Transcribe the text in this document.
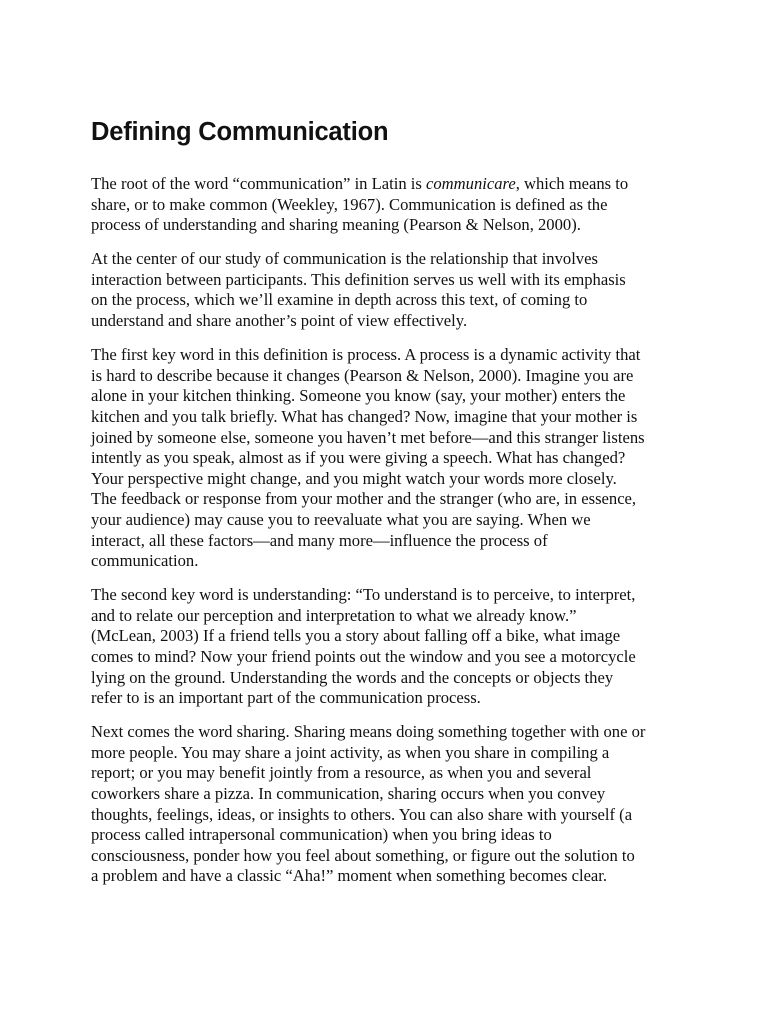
Defining Communication

The root of the word “communication” in Latin is communicare, which means to
share, or to make common (Weekley, 1967). Communication is defined as the
process of understanding and sharing meaning (Pearson & Nelson, 2000).

At the center of our study of communication is the relationship that involves
interaction between participants. This definition serves us well with its emphasis
on the process, which we’ll examine in depth across this text, of coming to
understand and share another’s point of view effectively.

The first key word in this definition is process. A process is a dynamic activity that
is hard to describe because it changes (Pearson & Nelson, 2000). Imagine you are
alone in your kitchen thinking. Someone you know (say, your mother) enters the
kitchen and you talk briefly. What has changed? Now, imagine that your mother is
joined by someone else, someone you haven’t met before—and this stranger listens
intently as you speak, almost as if you were giving a speech. What has changed?
Your perspective might change, and you might watch your words more closely.
The feedback or response from your mother and the stranger (who are, in essence,
your audience) may cause you to reevaluate what you are saying. When we
interact, all these factors—and many more—influence the process of
communication.

The second key word is understanding: “To understand is to perceive, to interpret,
and to relate our perception and interpretation to what we already know.”
(McLean, 2003) If a friend tells you a story about falling off a bike, what image
comes to mind? Now your friend points out the window and you see a motorcycle
lying on the ground. Understanding the words and the concepts or objects they
refer to is an important part of the communication process.

Next comes the word sharing. Sharing means doing something together with one or
more people. You may share a joint activity, as when you share in compiling a
report; or you may benefit jointly from a resource, as when you and several
coworkers share a pizza. In communication, sharing occurs when you convey
thoughts, feelings, ideas, or insights to others. You can also share with yourself (a
process called intrapersonal communication) when you bring ideas to
consciousness, ponder how you feel about something, or figure out the solution to
a problem and have a classic “Aha!” moment when something becomes clear.
